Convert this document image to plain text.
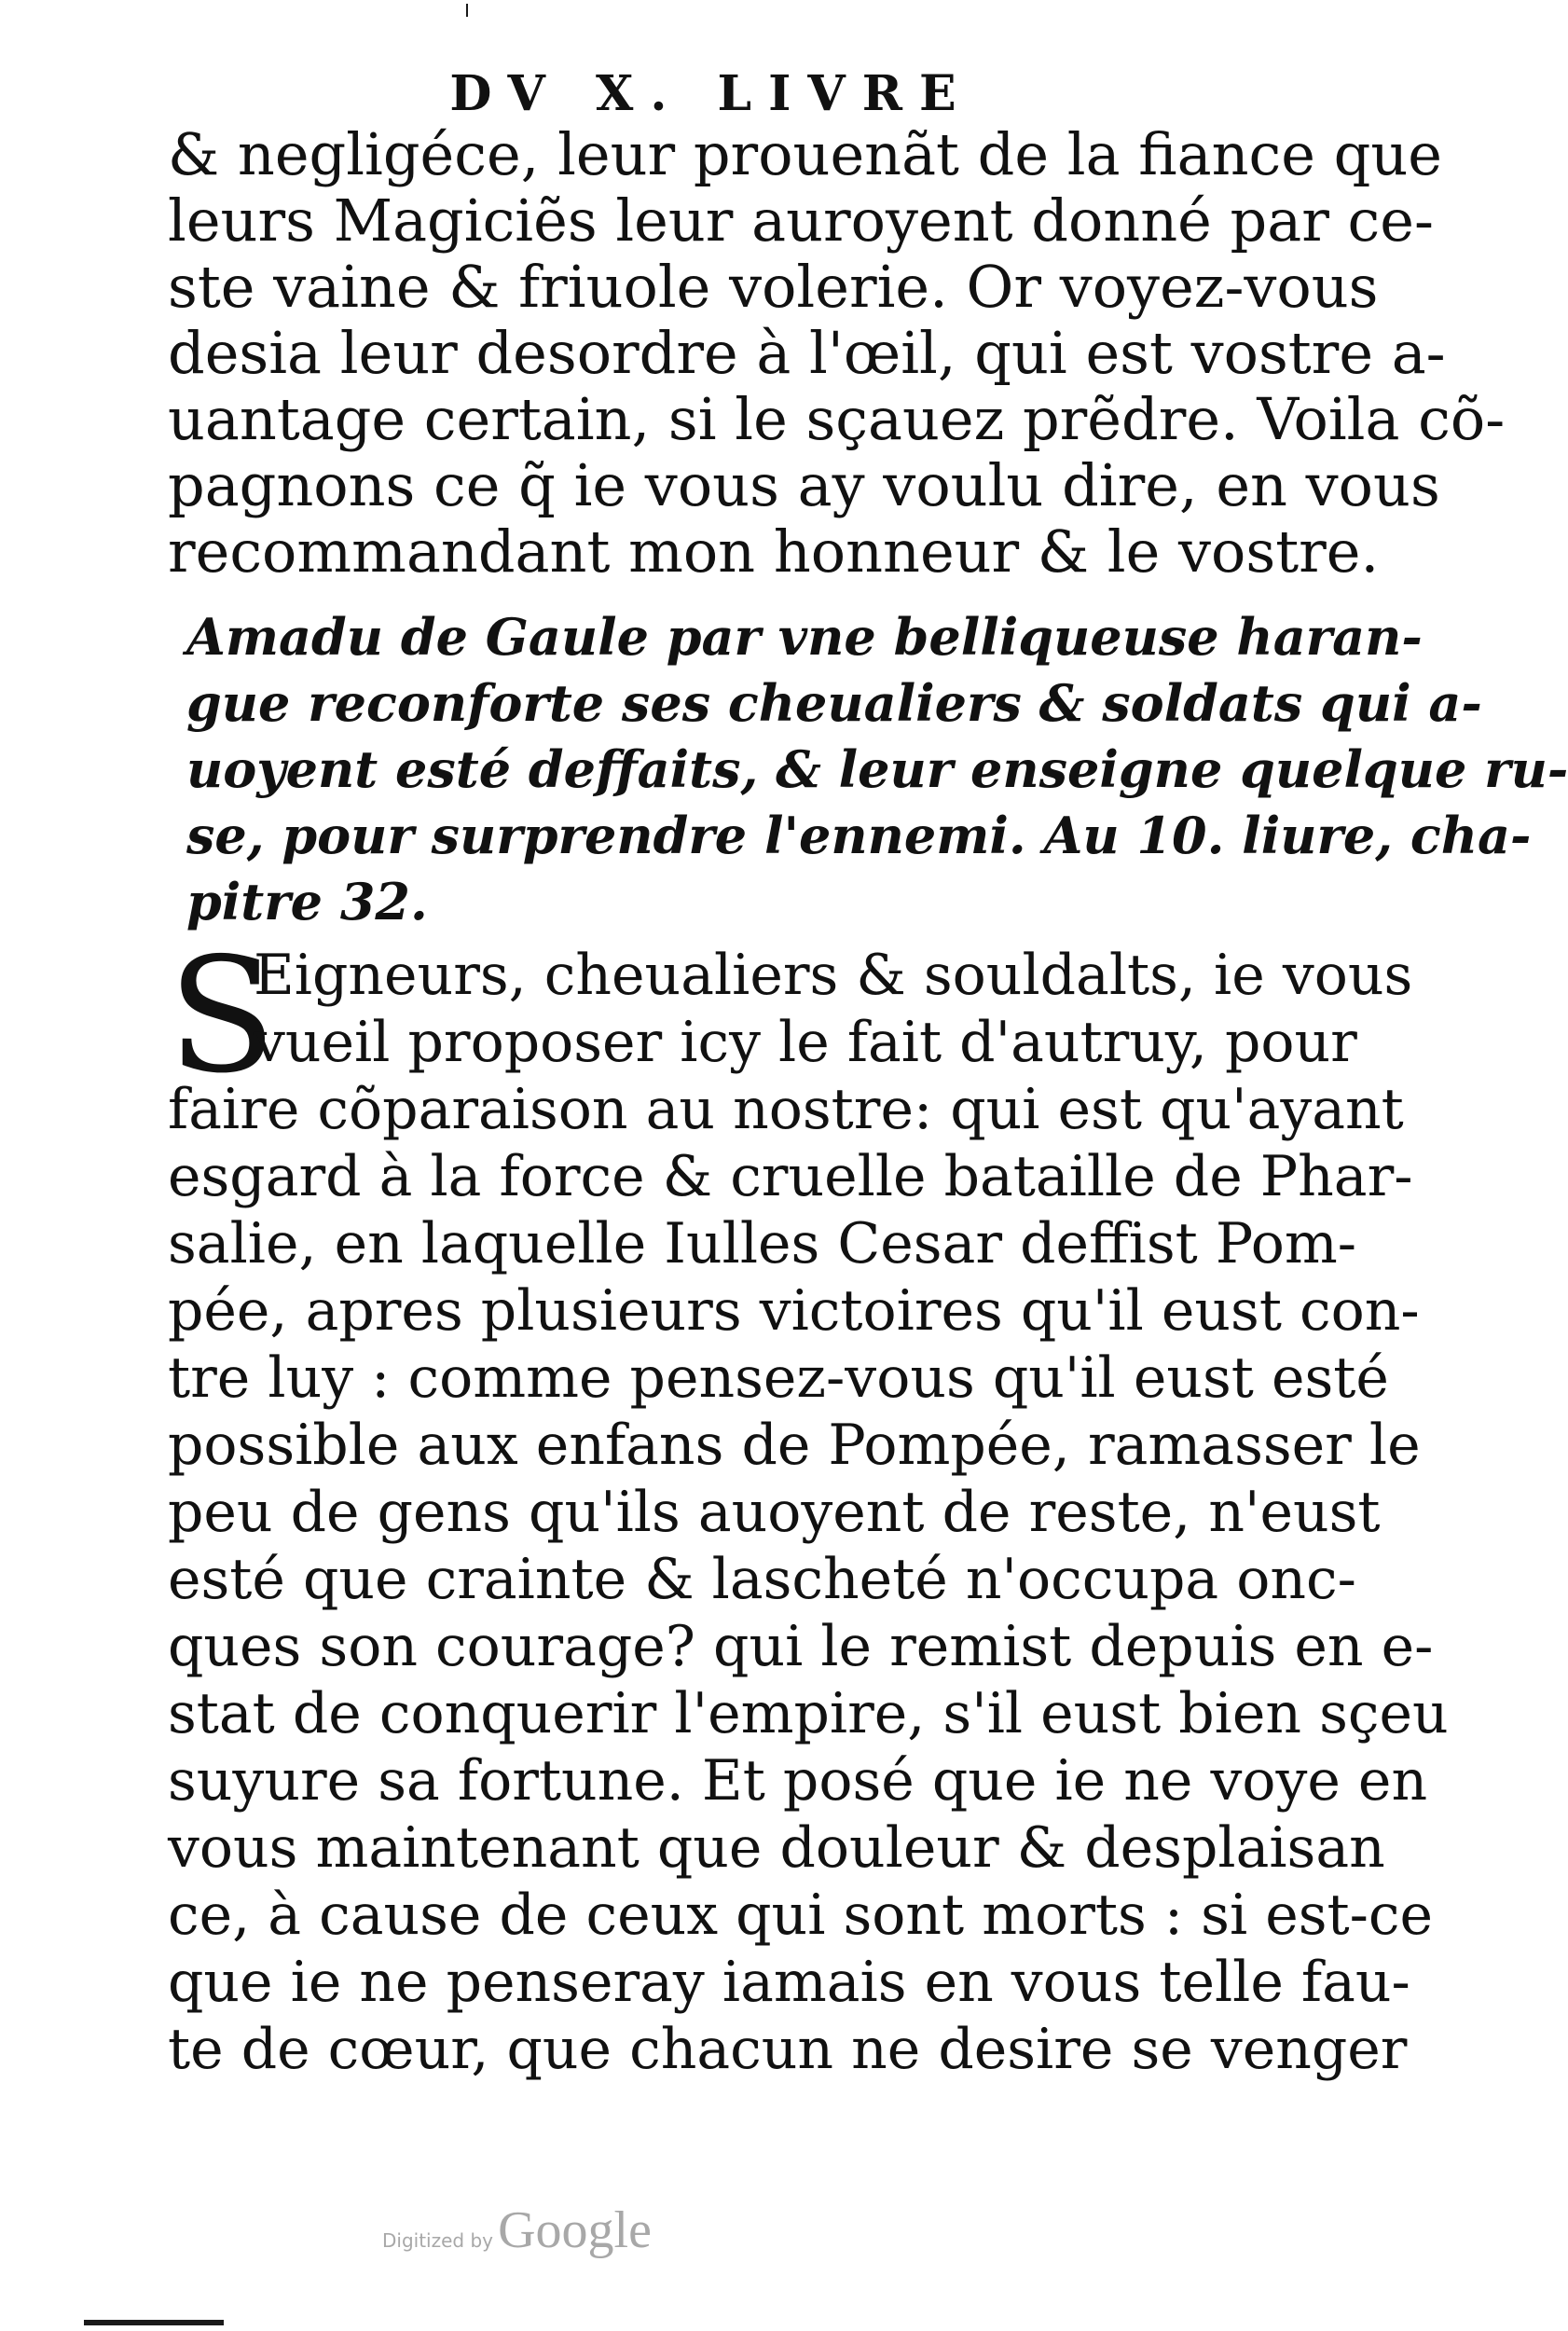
DV X. LIVRE
& negligéce, leur prouenãt de la fiance que
leurs Magiciẽs leur auroyent donné par ce-
ste vaine & friuole volerie. Or voyez-vous
desia leur desordre à l'œil, qui est vostre a-
uantage certain, si le sçauez prẽdre. Voila cõ-
pagnons ce q̃ ie vous ay voulu dire, en vous
recommandant mon honneur & le vostre.
Amadu de Gaule par vne belliqueuse haran-
gue reconforte ses cheualiers & soldats qui a-
uoyent esté deffaits, & leur enseigne quelque ru-
se, pour surprendre l'ennemi. Au 10. liure, cha-
pitre 32.
S
Eigneurs, cheualiers & souldalts, ie vous
vueil proposer icy le fait d'autruy, pour
faire cõparaison au nostre: qui est qu'ayant
esgard à la force & cruelle bataille de Phar-
salie, en laquelle Iulles Cesar deffist Pom-
pée, apres plusieurs victoires qu'il eust con-
tre luy : comme pensez-vous qu'il eust esté
possible aux enfans de Pompée, ramasser le
peu de gens qu'ils auoyent de reste, n'eust
esté que crainte & lascheté n'occupa onc-
ques son courage? qui le remist depuis en e-
stat de conquerir l'empire, s'il eust bien sçeu
suyure sa fortune. Et posé que ie ne voye en
vous maintenant que douleur & desplaisan
ce, à cause de ceux qui sont morts : si est-ce
que ie ne penseray iamais en vous telle fau-
te de cœur, que chacun ne desire se venger
Digitized by Google
